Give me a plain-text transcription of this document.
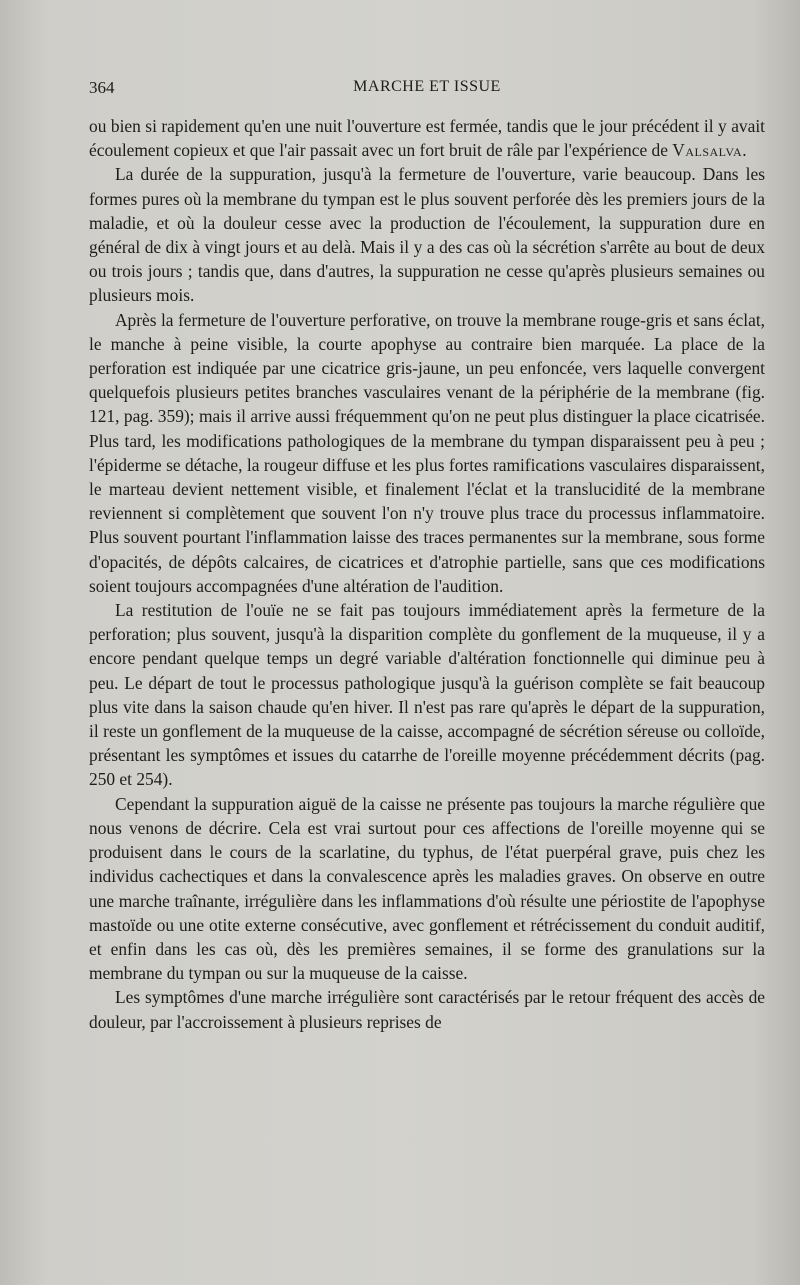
364	MARCHE ET ISSUE

ou bien si rapidement qu'en une nuit l'ouverture est fermée, tandis que le jour précédent il y avait écoulement copieux et que l'air passait avec un fort bruit de râle par l'expérience de Valsalva.

La durée de la suppuration, jusqu'à la fermeture de l'ouverture, varie beaucoup. Dans les formes pures où la membrane du tympan est le plus souvent perforée dès les premiers jours de la maladie, et où la douleur cesse avec la production de l'écoulement, la suppuration dure en général de dix à vingt jours et au delà. Mais il y a des cas où la sécrétion s'arrête au bout de deux ou trois jours ; tandis que, dans d'autres, la suppuration ne cesse qu'après plusieurs semaines ou plusieurs mois.

Après la fermeture de l'ouverture perforative, on trouve la membrane rouge-gris et sans éclat, le manche à peine visible, la courte apophyse au contraire bien marquée. La place de la perforation est indiquée par une cicatrice gris-jaune, un peu enfoncée, vers laquelle convergent quelquefois plusieurs petites branches vasculaires venant de la périphérie de la membrane (fig. 121, pag. 359); mais il arrive aussi fréquemment qu'on ne peut plus distinguer la place cicatrisée. Plus tard, les modifications pathologiques de la membrane du tympan disparaissent peu à peu ; l'épiderme se détache, la rougeur diffuse et les plus fortes ramifications vasculaires disparaissent, le marteau devient nettement visible, et finalement l'éclat et la translucidité de la membrane reviennent si complètement que souvent l'on n'y trouve plus trace du processus inflammatoire. Plus souvent pourtant l'inflammation laisse des traces permanentes sur la membrane, sous forme d'opacités, de dépôts calcaires, de cicatrices et d'atrophie partielle, sans que ces modifications soient toujours accompagnées d'une altération de l'audition.

La restitution de l'ouïe ne se fait pas toujours immédiatement après la fermeture de la perforation; plus souvent, jusqu'à la disparition complète du gonflement de la muqueuse, il y a encore pendant quelque temps un degré variable d'altération fonctionnelle qui diminue peu à peu. Le départ de tout le processus pathologique jusqu'à la guérison complète se fait beaucoup plus vite dans la saison chaude qu'en hiver. Il n'est pas rare qu'après le départ de la suppuration, il reste un gonflement de la muqueuse de la caisse, accompagné de sécrétion séreuse ou colloïde, présentant les symptômes et issues du catarrhe de l'oreille moyenne précédemment décrits (pag. 250 et 254).

Cependant la suppuration aiguë de la caisse ne présente pas toujours la marche régulière que nous venons de décrire. Cela est vrai surtout pour ces affections de l'oreille moyenne qui se produisent dans le cours de la scarlatine, du typhus, de l'état puerpéral grave, puis chez les individus cachectiques et dans la convalescence après les maladies graves. On observe en outre une marche traînante, irrégulière dans les inflammations d'où résulte une périostite de l'apophyse mastoïde ou une otite externe consécutive, avec gonflement et rétrécissement du conduit auditif, et enfin dans les cas où, dès les premières semaines, il se forme des granulations sur la membrane du tympan ou sur la muqueuse de la caisse.

Les symptômes d'une marche irrégulière sont caractérisés par le retour fréquent des accès de douleur, par l'accroissement à plusieurs reprises de
